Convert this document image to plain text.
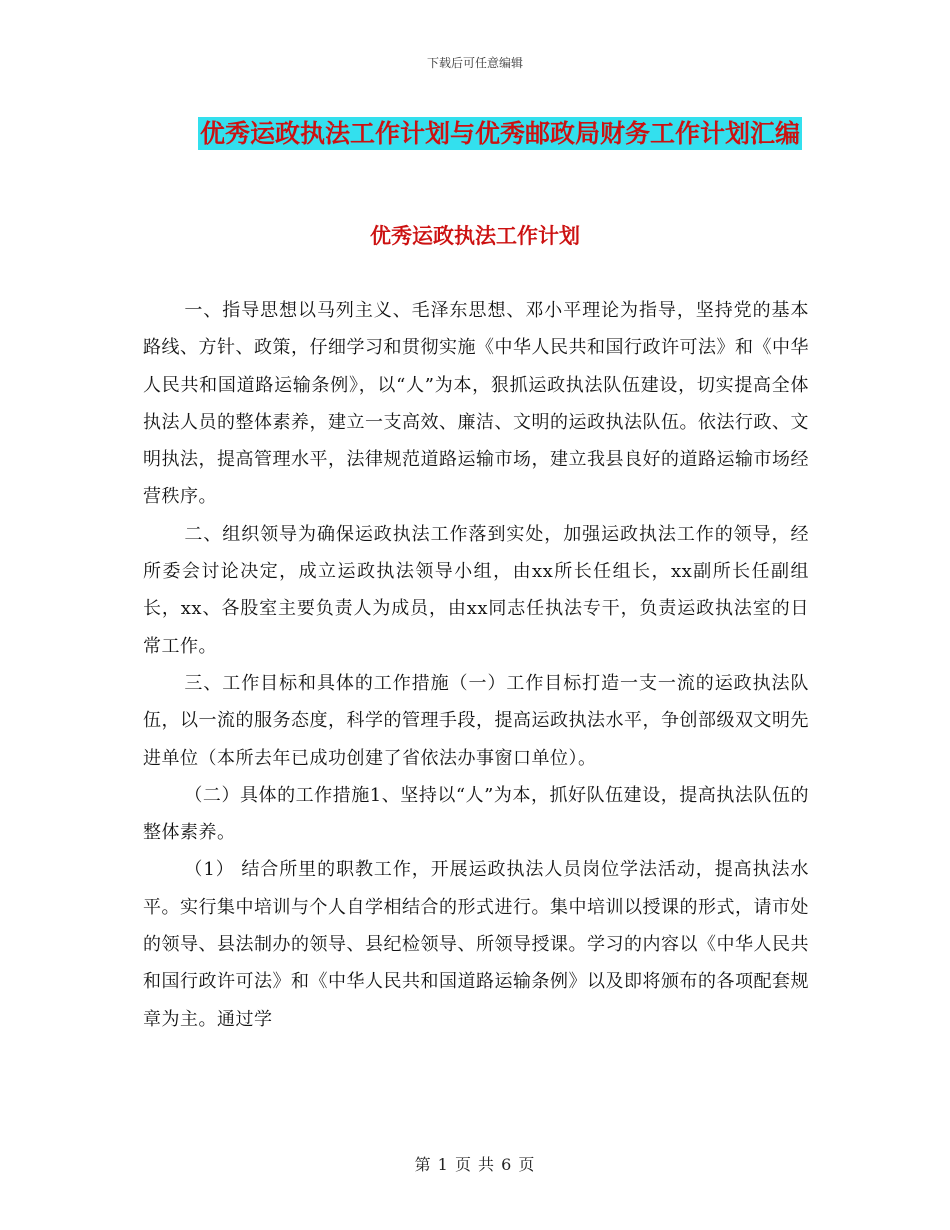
下载后可任意编辑
优秀运政执法工作计划与优秀邮政局财务工作计划汇编
优秀运政执法工作计划

一、指导思想以马列主义、毛泽东思想、邓小平理论为指导，坚持党的基本路线、方针、政策，仔细学习和贯彻实施《中华人民共和国行政许可法》和《中华人民共和国道路运输条例》，以“人”为本，狠抓运政执法队伍建设，切实提高全体执法人员的整体素养，建立一支高效、廉洁、文明的运政执法队伍。依法行政、文明执法，提高管理水平，法律规范道路运输市场，建立我县良好的道路运输市场经营秩序。

二、组织领导为确保运政执法工作落到实处，加强运政执法工作的领导，经所委会讨论决定，成立运政执法领导小组，由xx所长任组长，xx副所长任副组长，xx、各股室主要负责人为成员，由xx同志任执法专干，负责运政执法室的日常工作。

三、工作目标和具体的工作措施（一）工作目标打造一支一流的运政执法队伍，以一流的服务态度，科学的管理手段，提高运政执法水平，争创部级双文明先进单位（本所去年已成功创建了省依法办事窗口单位）。

（二）具体的工作措施1、坚持以“人”为本，抓好队伍建设，提高执法队伍的整体素养。

（1） 结合所里的职教工作，开展运政执法人员岗位学法活动，提高执法水平。实行集中培训与个人自学相结合的形式进行。集中培训以授课的形式，请市处的领导、县法制办的领导、县纪检领导、所领导授课。学习的内容以《中华人民共和国行政许可法》和《中华人民共和国道路运输条例》以及即将颁布的各项配套规章为主。通过学

第 1 页 共 6 页
